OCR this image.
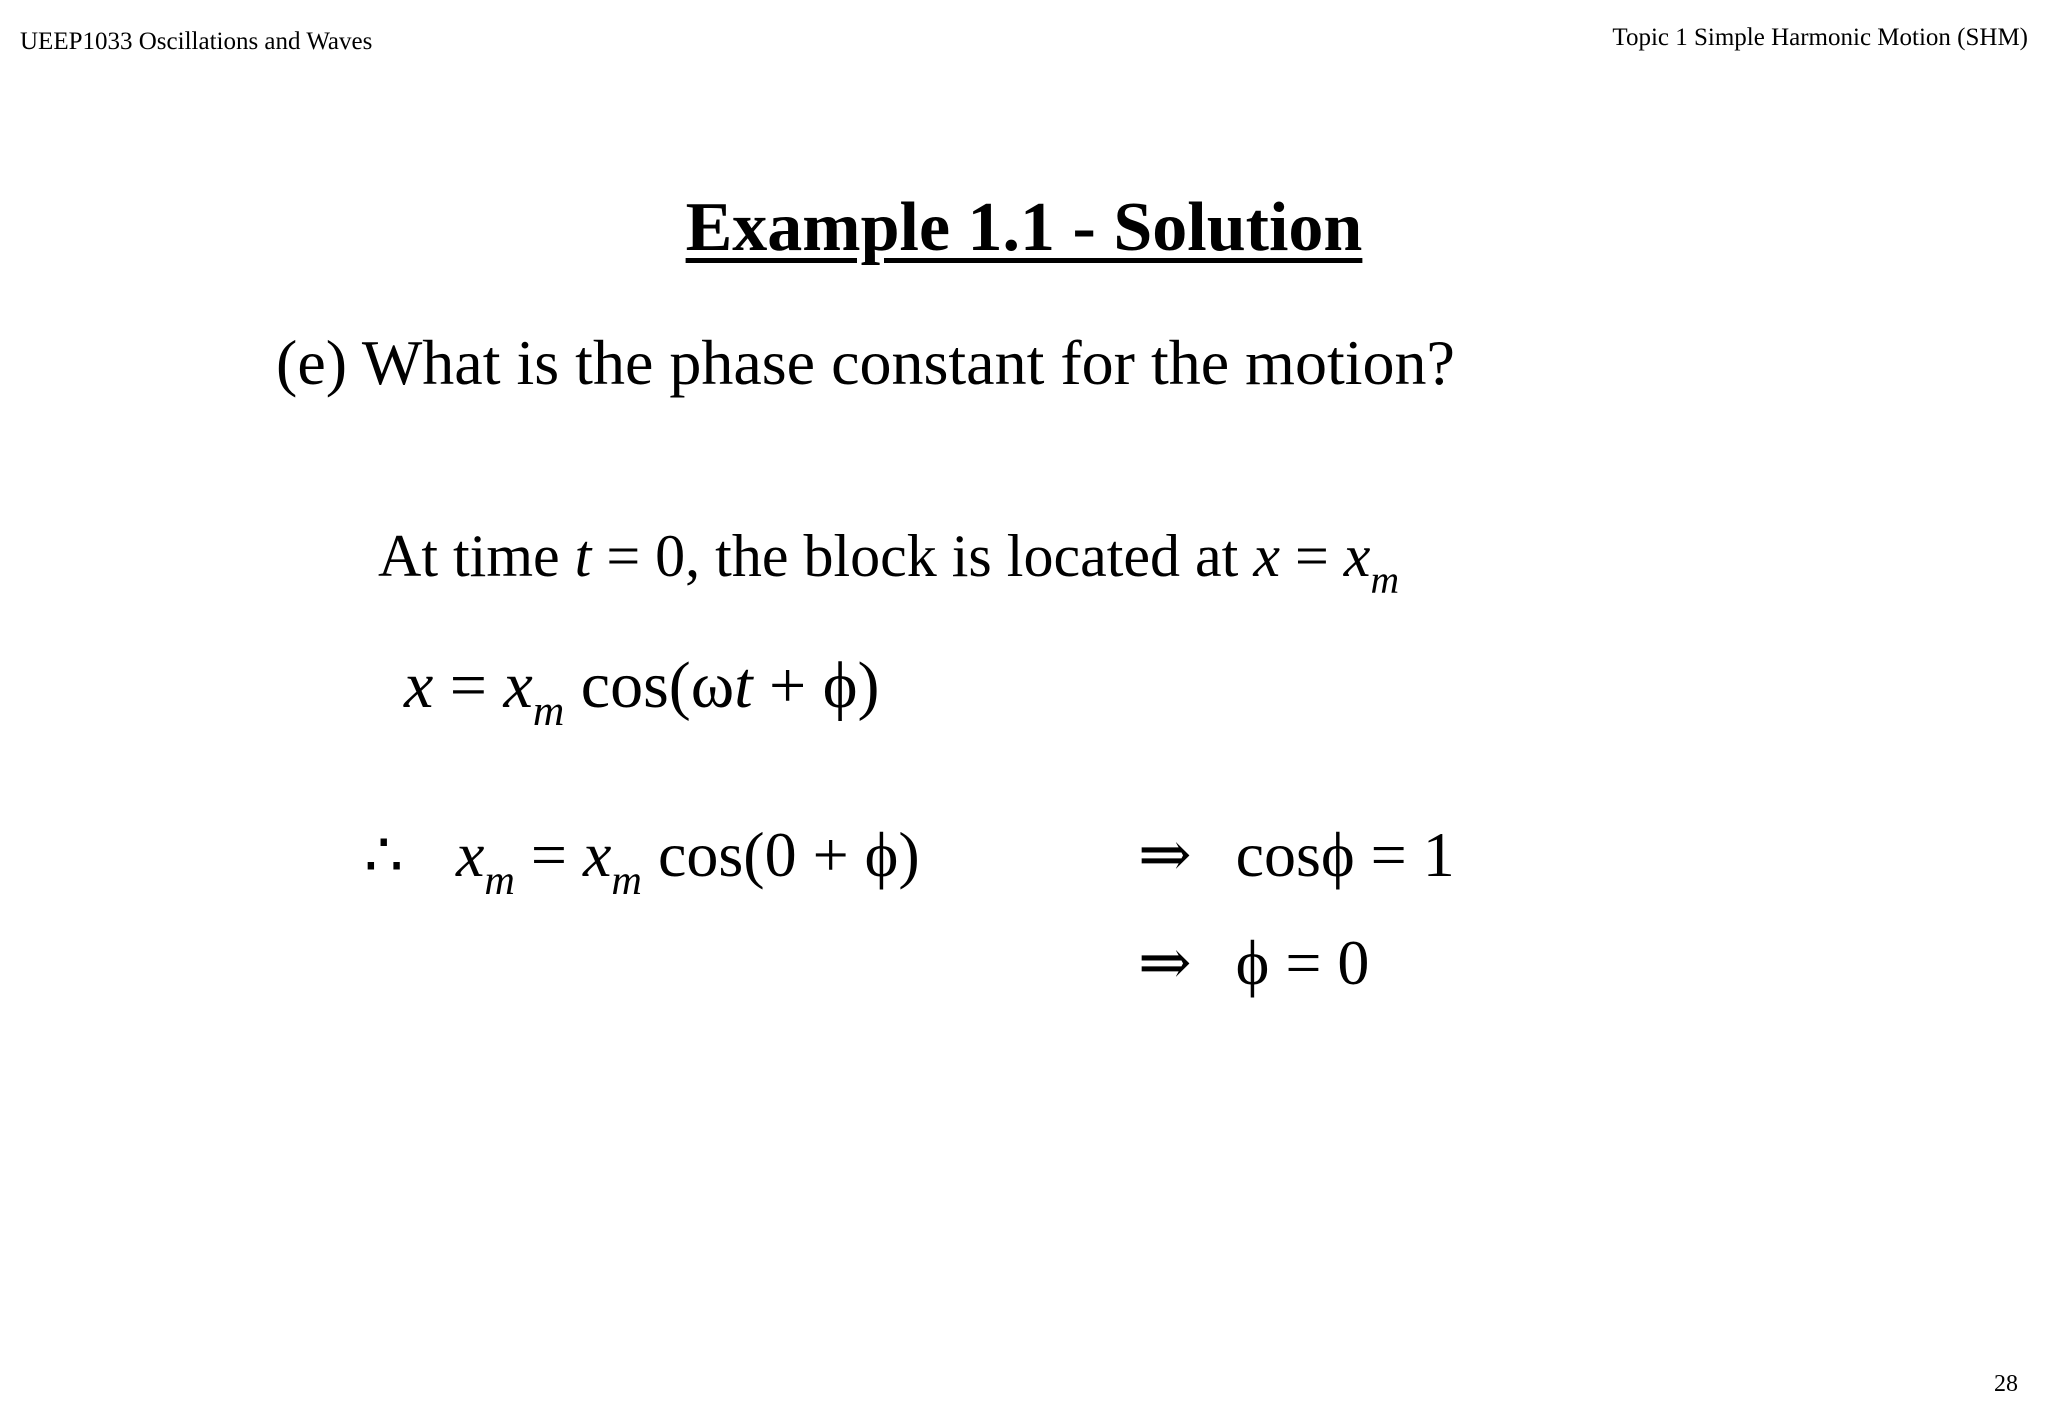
UEEP1033 Oscillations and Waves	Topic 1 Simple Harmonic Motion (SHM)
Example 1.1 - Solution
(e) What is the phase constant for the motion?
At time t = 0, the block is located at $x = x_m$
$x = x_m$ cos(ωt + ϕ)
∴ $x_m = x_m$ cos(0 + ϕ)	⇒ cosϕ = 1
⇒ ϕ = 0
28
